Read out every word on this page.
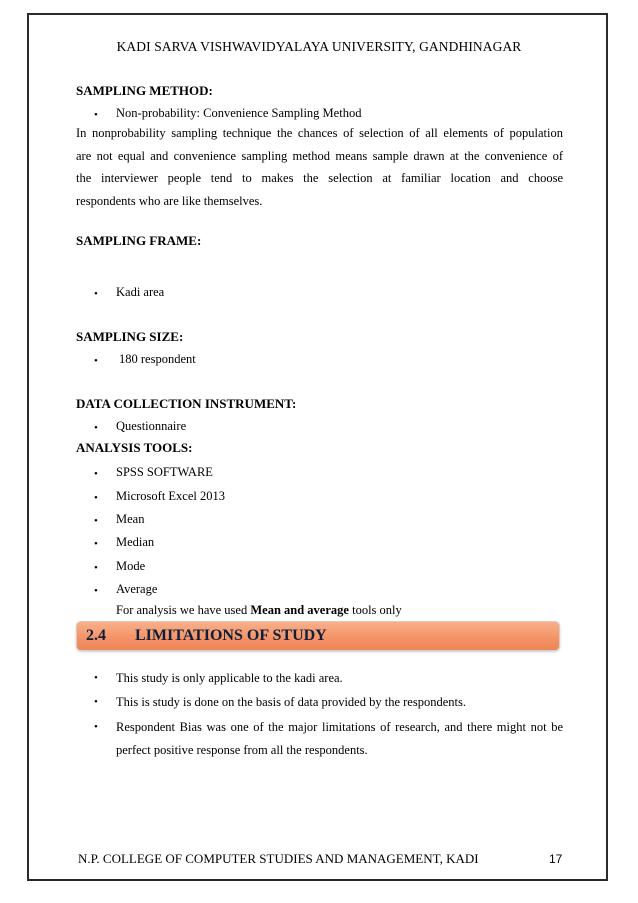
KADI SARVA VISHWAVIDYALAYA UNIVERSITY, GANDHINAGAR
SAMPLING METHOD:
• Non-probability: Convenience Sampling Method
In nonprobability sampling technique the chances of selection of all elements of population
are not equal and convenience sampling method means sample drawn at the convenience of
the interviewer people tend to makes the selection at familiar location and choose
respondents who are like themselves.
SAMPLING FRAME:
• Kadi area
SAMPLING SIZE:
• 180 respondent
DATA COLLECTION INSTRUMENT:
• Questionnaire
ANALYSIS TOOLS:
• SPSS SOFTWARE
• Microsoft Excel 2013
• Mean
• Median
• Mode
• Average
For analysis we have used Mean and average tools only
2.4 LIMITATIONS OF STUDY
• This study is only applicable to the kadi area.
• This is study is done on the basis of data provided by the respondents.
• Respondent Bias was one of the major limitations of research, and there might not be
perfect positive response from all the respondents.
N.P. COLLEGE OF COMPUTER STUDIES AND MANAGEMENT, KADI	17
